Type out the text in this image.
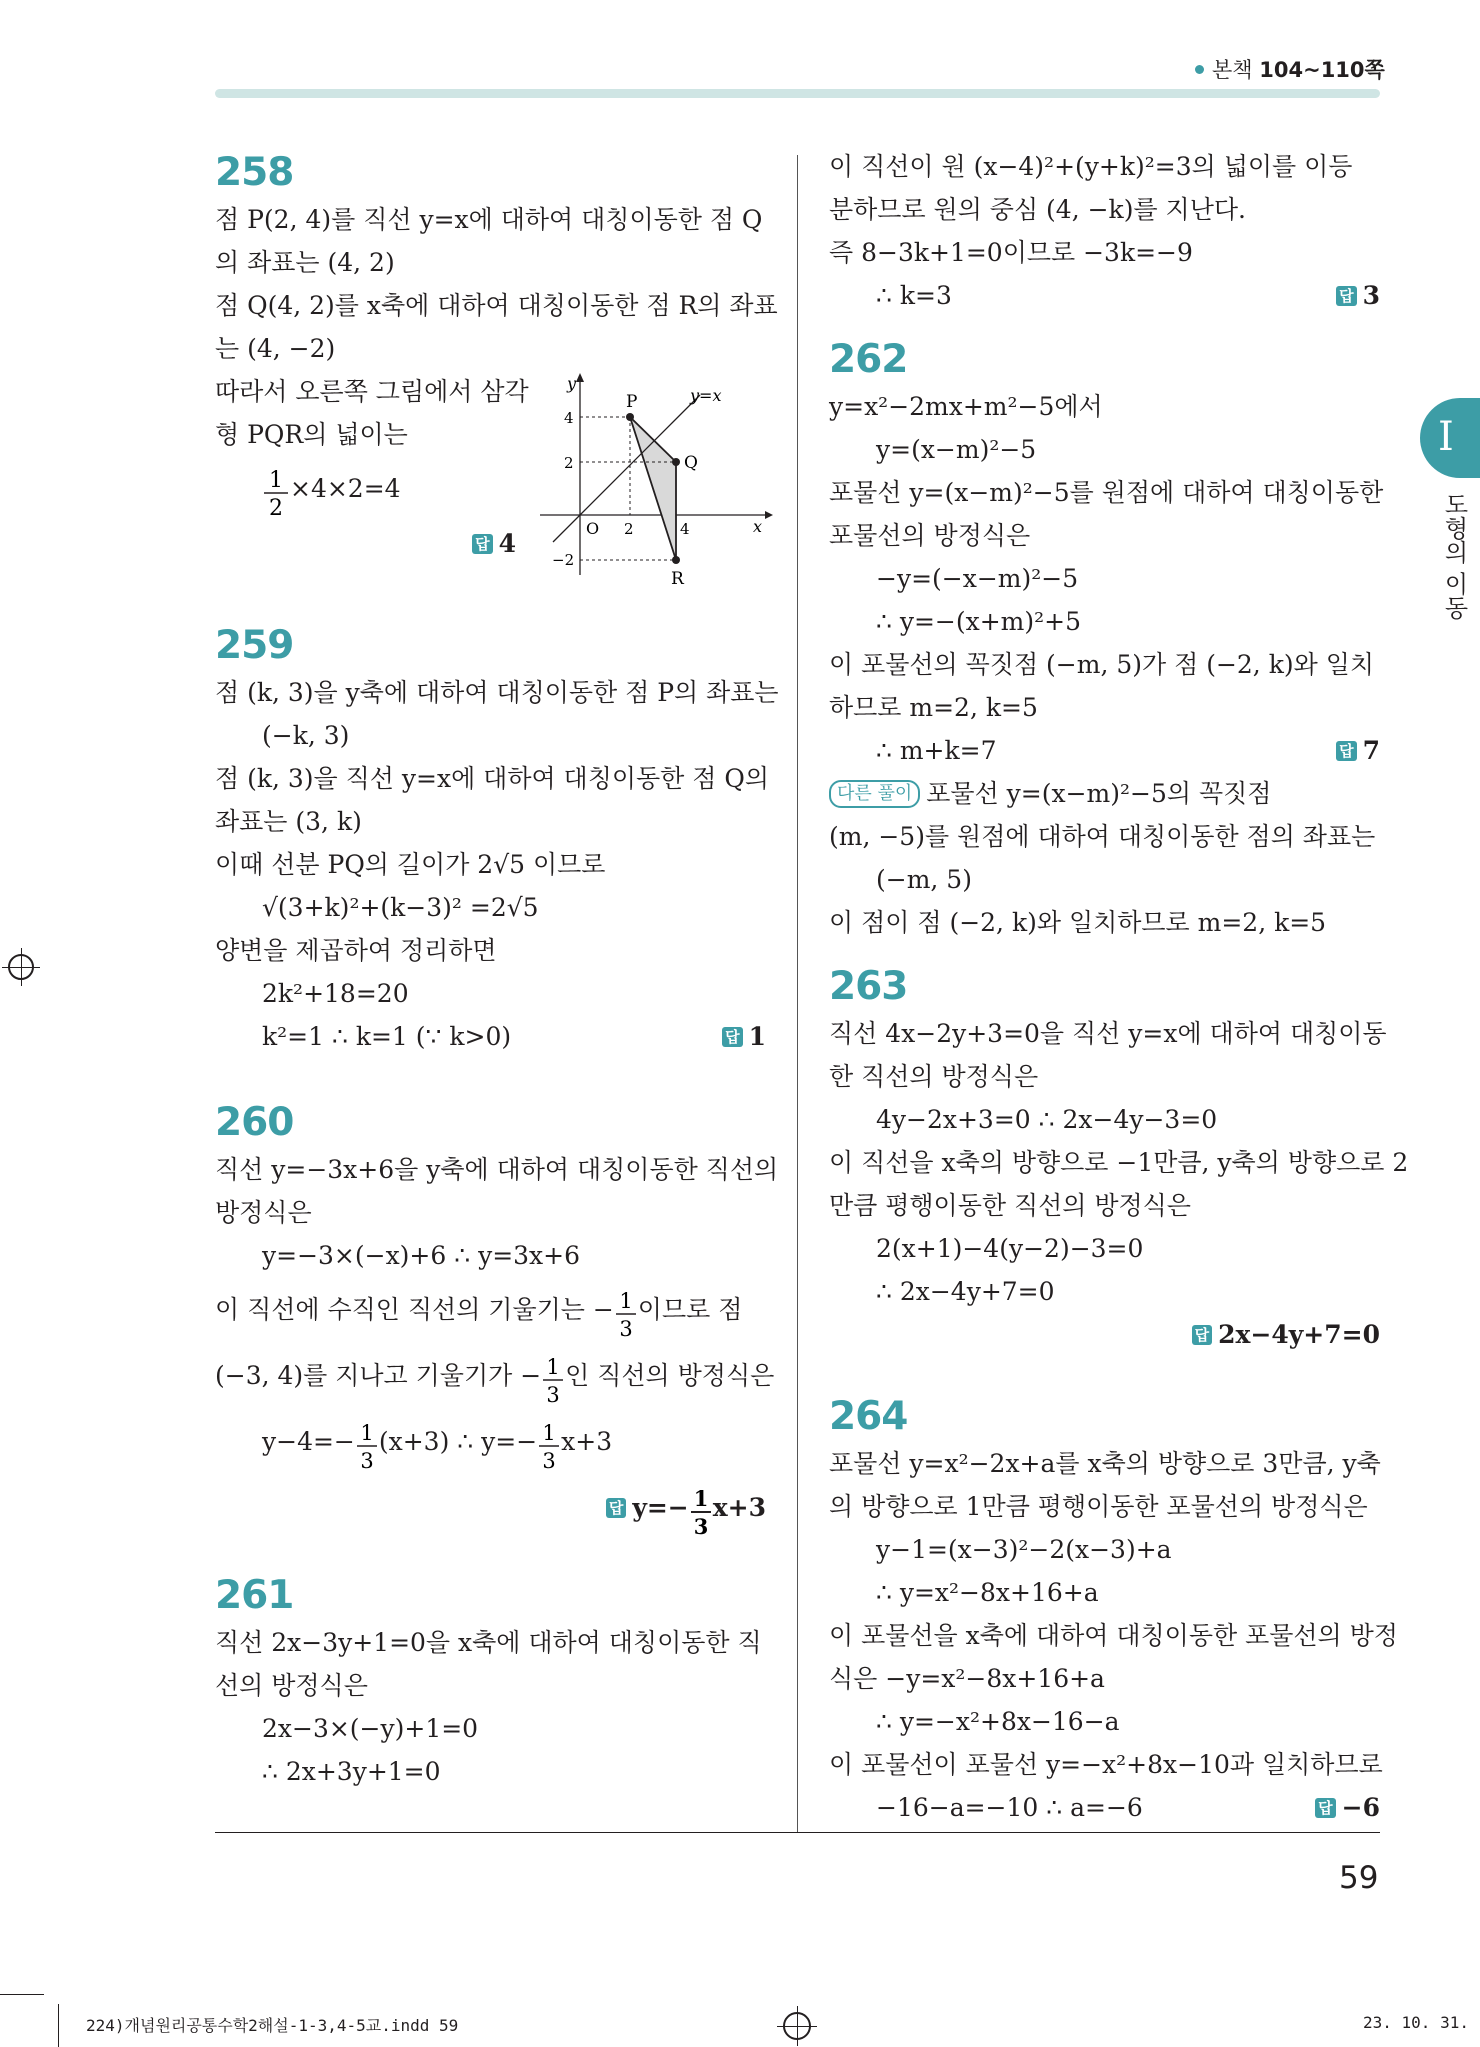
본책 104~110쪽
I
도형의 이동
258
점 P(2, 4)를 직선 y=x에 대하여 대칭이동한 점 Q
의 좌표는 (4, 2)
점 Q(4, 2)를 x축에 대하여 대칭이동한 점 R의 좌표
는 (4, −2)
따라서 오른쪽 그림에서 삼각
형 PQR의 넓이는
1
2
×4×2=4
답 4
259
점 (k, 3)을 y축에 대하여 대칭이동한 점 P의 좌표는
(−k, 3)
점 (k, 3)을 직선 y=x에 대하여 대칭이동한 점 Q의
좌표는 (3, k)
이때 선분 PQ의 길이가 2√5 이므로
√(3+k)²+(k−3)² =2√5
양변을 제곱하여 정리하면
2k²+18=20
k²=1 ∴ k=1 (∵ k>0)	답 1
260
직선 y=−3x+6을 y축에 대하여 대칭이동한 직선의
방정식은
y=−3×(−x)+6 ∴ y=3x+6
이 직선에 수직인 직선의 기울기는 − 1
3
이므로 점
(−3, 4)를 지나고 기울기가 − 1
3
인 직선의 방정식은
y−4=− 1
3
(x+3) ∴ y=− 1
3
x+3
답 y=− 1
3
x+3
261
직선 2x−3y+1=0을 x축에 대하여 대칭이동한 직
선의 방정식은
2x−3×(−y)+1=0
∴ 2x+3y+1=0
y
x
y=x
P
Q
R
O
4
2
−2
2	4
이 직선이 원 (x−4)²+(y+k)²=3의 넓이를 이등
분하므로 원의 중심 (4, −k)를 지난다.
즉 8−3k+1=0이므로 −3k=−9
∴ k=3	답 3
262
y=x²−2mx+m²−5에서
y=(x−m)²−5
포물선 y=(x−m)²−5를 원점에 대하여 대칭이동한
포물선의 방정식은
−y=(−x−m)²−5
∴ y=−(x+m)²+5
이 포물선의 꼭짓점 (−m, 5)가 점 (−2, k)와 일치
하므로 m=2, k=5
∴ m+k=7	답 7
다른 풀이 포물선 y=(x−m)²−5의 꼭짓점
(m, −5)를 원점에 대하여 대칭이동한 점의 좌표는
(−m, 5)
이 점이 점 (−2, k)와 일치하므로 m=2, k=5
263
직선 4x−2y+3=0을 직선 y=x에 대하여 대칭이동
한 직선의 방정식은
4y−2x+3=0 ∴ 2x−4y−3=0
이 직선을 x축의 방향으로 −1만큼, y축의 방향으로 2
만큼 평행이동한 직선의 방정식은
2(x+1)−4(y−2)−3=0
∴ 2x−4y+7=0
답 2x−4y+7=0
264
포물선 y=x²−2x+a를 x축의 방향으로 3만큼, y축
의 방향으로 1만큼 평행이동한 포물선의 방정식은
y−1=(x−3)²−2(x−3)+a
∴ y=x²−8x+16+a
이 포물선을 x축에 대하여 대칭이동한 포물선의 방정
식은 −y=x²−8x+16+a
∴ y=−x²+8x−16−a
이 포물선이 포물선 y=−x²+8x−10과 일치하므로
−16−a=−10 ∴ a=−6	답 −6
59
224)개념원리공통수학2해설-1-3,4-5교.indd 59	23. 10. 31.
